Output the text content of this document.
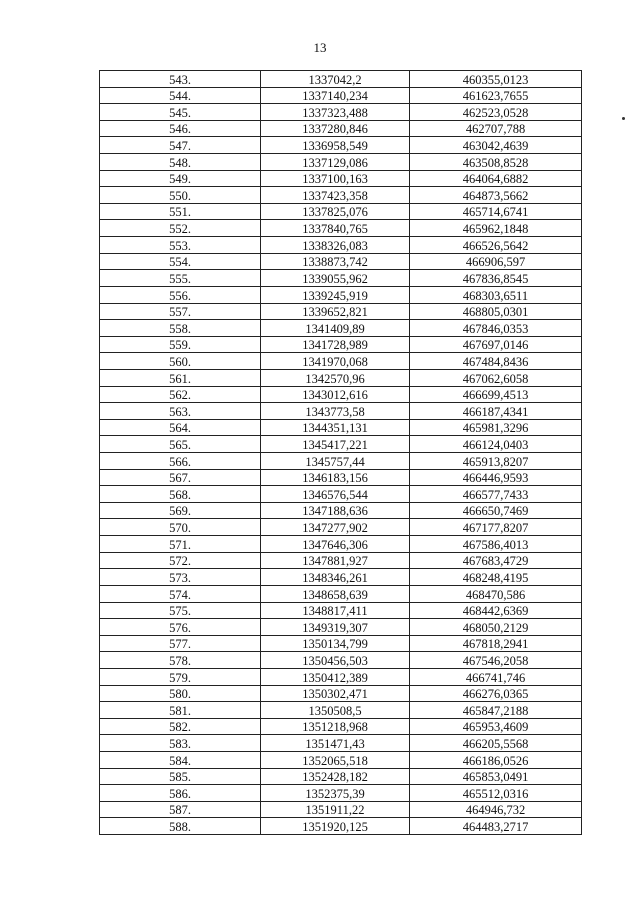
13
543.	1337042,2	460355,0123
544.	1337140,234	461623,7655
545.	1337323,488	462523,0528
546.	1337280,846	462707,788
547.	1336958,549	463042,4639
548.	1337129,086	463508,8528
549.	1337100,163	464064,6882
550.	1337423,358	464873,5662
551.	1337825,076	465714,6741
552.	1337840,765	465962,1848
553.	1338326,083	466526,5642
554.	1338873,742	466906,597
555.	1339055,962	467836,8545
556.	1339245,919	468303,6511
557.	1339652,821	468805,0301
558.	1341409,89	467846,0353
559.	1341728,989	467697,0146
560.	1341970,068	467484,8436
561.	1342570,96	467062,6058
562.	1343012,616	466699,4513
563.	1343773,58	466187,4341
564.	1344351,131	465981,3296
565.	1345417,221	466124,0403
566.	1345757,44	465913,8207
567.	1346183,156	466446,9593
568.	1346576,544	466577,7433
569.	1347188,636	466650,7469
570.	1347277,902	467177,8207
571.	1347646,306	467586,4013
572.	1347881,927	467683,4729
573.	1348346,261	468248,4195
574.	1348658,639	468470,586
575.	1348817,411	468442,6369
576.	1349319,307	468050,2129
577.	1350134,799	467818,2941
578.	1350456,503	467546,2058
579.	1350412,389	466741,746
580.	1350302,471	466276,0365
581.	1350508,5	465847,2188
582.	1351218,968	465953,4609
583.	1351471,43	466205,5568
584.	1352065,518	466186,0526
585.	1352428,182	465853,0491
586.	1352375,39	465512,0316
587.	1351911,22	464946,732
588.	1351920,125	464483,2717
